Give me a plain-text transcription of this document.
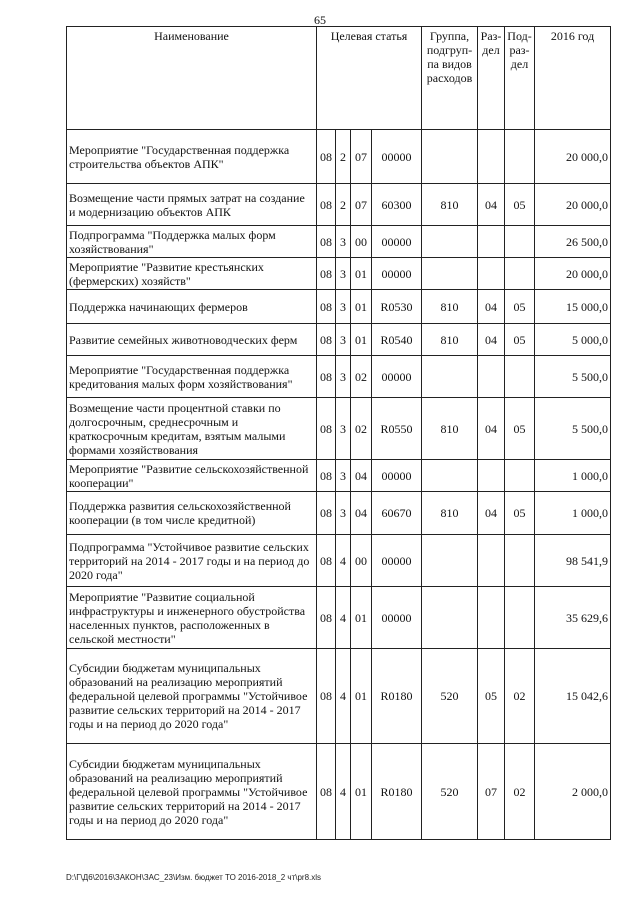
65
Наименование	Целевая статья				Группа, подгруп-па видов расходов	Раз-дел	Под-раз-дел	2016 год
Мероприятие "Государственная поддержка строительства объектов АПК"	08	2	07	00000				20 000,0
Возмещение части прямых затрат на создание и модернизацию объектов АПК	08	2	07	60300	810	04	05	20 000,0
Подпрограмма "Поддержка малых форм хозяйствования"	08	3	00	00000				26 500,0
Мероприятие "Развитие крестьянских (фермерских) хозяйств"	08	3	01	00000				20 000,0
Поддержка начинающих фермеров	08	3	01	R0530	810	04	05	15 000,0
Развитие семейных животноводческих ферм	08	3	01	R0540	810	04	05	5 000,0
Мероприятие "Государственная поддержка кредитования малых форм хозяйствования"	08	3	02	00000				5 500,0
Возмещение части процентной ставки по долгосрочным, среднесрочным и краткосрочным кредитам, взятым малыми формами хозяйствования	08	3	02	R0550	810	04	05	5 500,0
Мероприятие "Развитие сельскохозяйственной кооперации"	08	3	04	00000				1 000,0
Поддержка развития сельскохозяйственной кооперации (в том числе кредитной)	08	3	04	60670	810	04	05	1 000,0
Подпрограмма "Устойчивое развитие сельских территорий на 2014 - 2017 годы и на период до 2020 года"	08	4	00	00000				98 541,9
Мероприятие "Развитие социальной инфраструктуры и инженерного обустройства населенных пунктов, расположенных в сельской местности"	08	4	01	00000				35 629,6
Субсидии бюджетам муниципальных образований на реализацию мероприятий федеральной целевой программы "Устойчивое развитие сельских территорий на 2014 - 2017 годы и на период до 2020 года"	08	4	01	R0180	520	05	02	15 042,6
Субсидии бюджетам муниципальных образований на реализацию мероприятий федеральной целевой программы "Устойчивое развитие сельских территорий на 2014 - 2017 годы и на период до 2020 года"	08	4	01	R0180	520	07	02	2 000,0
D:\Г\Д6\2016\ЗАКОН\ЗАС_23\Изм. бюджет ТО 2016-2018_2 чт\pr8.xls
